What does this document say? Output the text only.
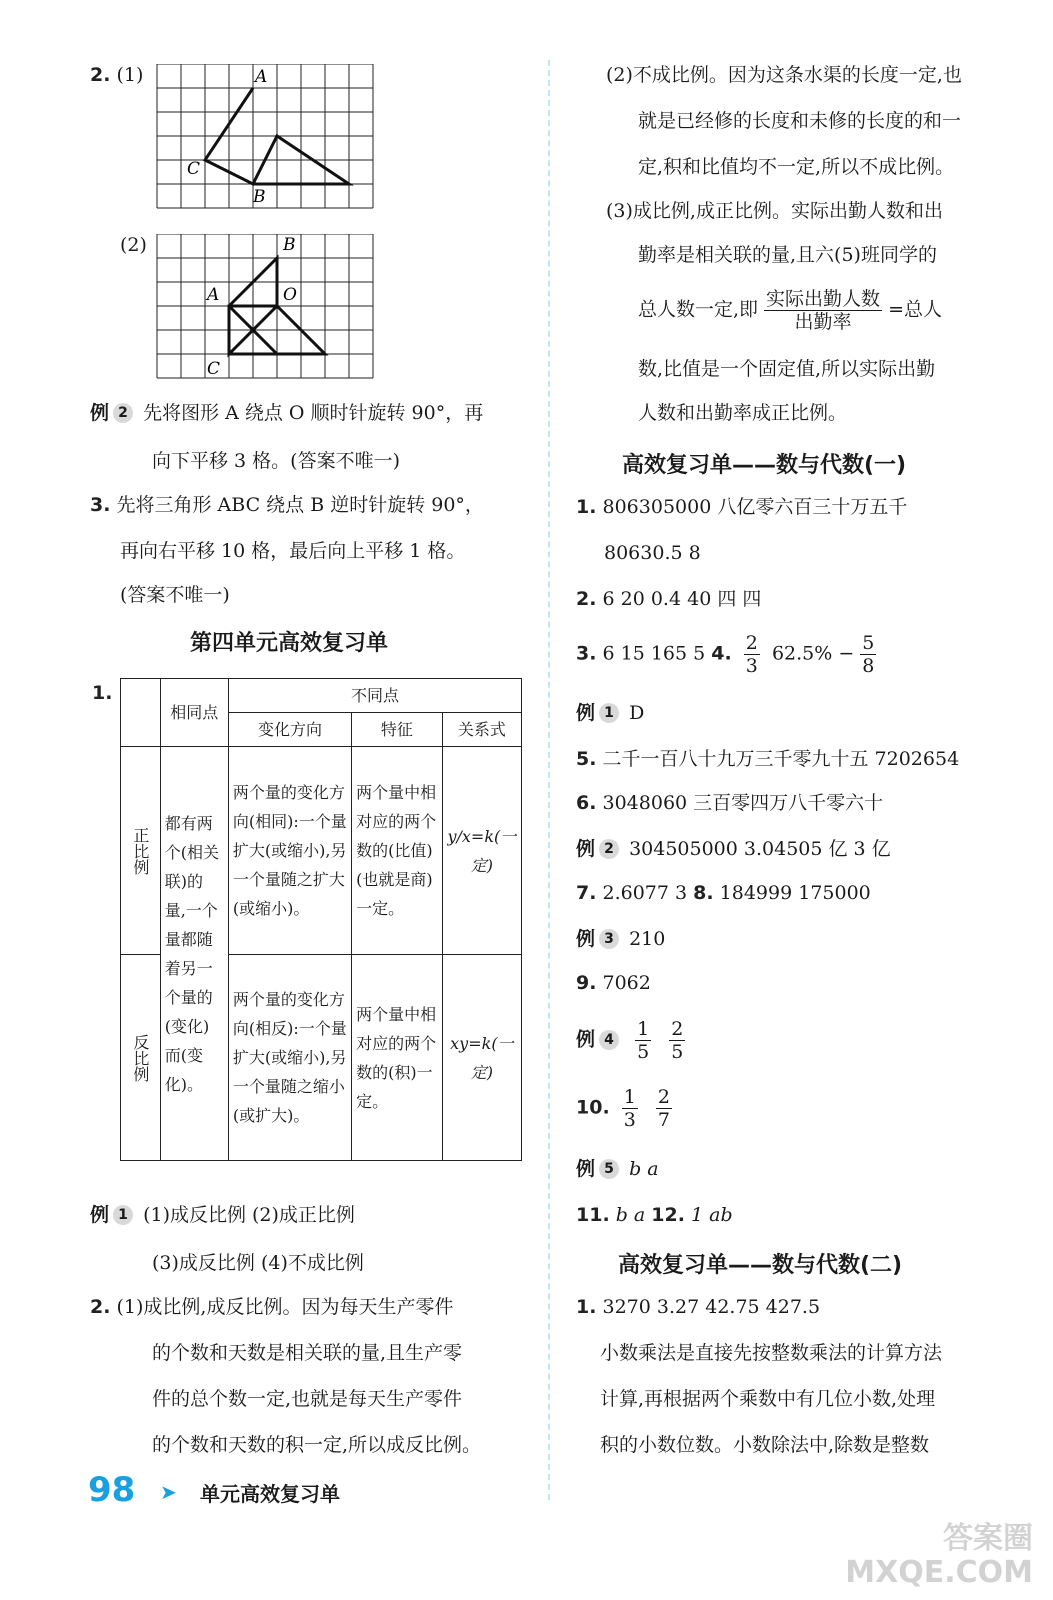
2. (1)	A
C
B
(2)	B
A	O
C
例 2 先将图形 A 绕点 O 顺时针旋转 90°，再
向下平移 3 格。(答案不唯一)
3. 先将三角形 ABC 绕点 B 逆时针旋转 90°，
再向右平移 10 格，最后向上平移 1 格。
(答案不唯一)
第四单元高效复习单
1.
	相同点	不同点		
		变化方向	特征	关系式
正比例	都有两个(相关联)的量,一个量都随着另一个量的(变化)而(变化)。	两个量的变化方向(相同):一个量扩大(或缩小),另一个量随之扩大(或缩小)。	两个量中相对应的两个数的(比值)(也就是商)一定。	y/x=k(一定)
反比例		两个量的变化方向(相反):一个量扩大(或缩小),另一个量随之缩小(或扩大)。	两个量中相对应的两个数的(积)一定。	xy=k(一定)
例 1 (1)成反比例 (2)成正比例
(3)成反比例 (4)不成比例
2. (1)成比例,成反比例。因为每天生产零件
的个数和天数是相关联的量,且生产零
件的总个数一定,也就是每天生产零件
的个数和天数的积一定,所以成反比例。
(2)不成比例。因为这条水渠的长度一定,也
就是已经修的长度和未修的长度的和一
定,积和比值均不一定,所以不成比例。
(3)成比例,成正比例。实际出勤人数和出
勤率是相关联的量,且六(5)班同学的
总人数一定,即 $\frac{\text{实际出勤人数}}{\text{出勤率}}$ =总人
数,比值是一个固定值,所以实际出勤
人数和出勤率成正比例。
高效复习单——数与代数(一)
1. 806305000 八亿零六百三十万五千
80630.5 8
2. 6 20 0.4 40 四 四
3. 6 15 165 5 4. $\frac{2}{3} 62.5\% - \frac{5}{8}$
例 1 D
5. 二千一百八十九万三千零九十五 7202654
6. 3048060 三百零四万八千零六十
例 2 304505000 3.04505 亿 3 亿
7. 2.6077 3 8. 184999 175000
例 3 210
9. 7062
例 $4 \frac{1}{5}$
$\frac{2}{5}$
10. $\frac{1}{3}$
$\frac{2}{7}$
例 5 b a
11. b a 12. 1 ab
高效复习单——数与代数(二)
1. 3270 3.27 42.75 427.5
小数乘法是直接先按整数乘法的计算方法
计算,再根据两个乘数中有几位小数,处理
积的小数位数。小数除法中,除数是整数
98 ➤ 单元高效复习单
答案圈
MXQE.COM
